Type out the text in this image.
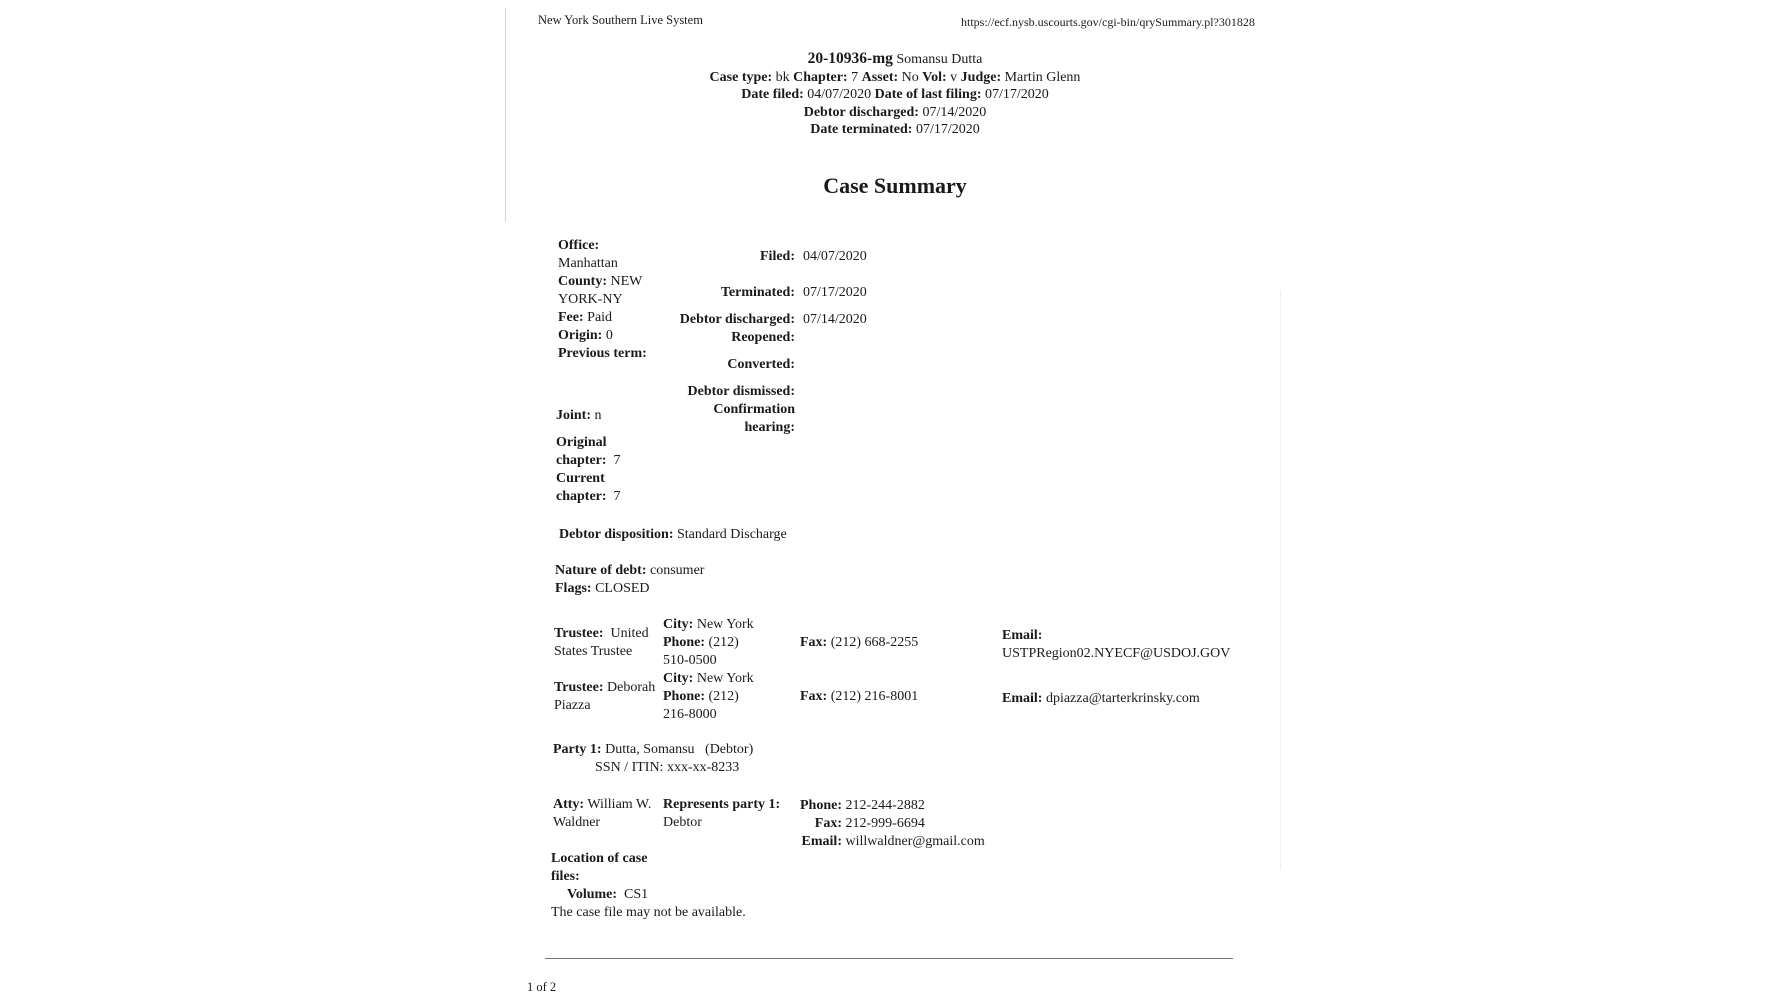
New York Southern Live System	https://ecf.nysb.uscourts.gov/cgi-bin/qrySummary.pl?301828
20-10936-mg Somansu Dutta
Case type: bk Chapter: 7 Asset: No Vol: v Judge: Martin Glenn
Date filed: 04/07/2020 Date of last filing: 07/17/2020
Debtor discharged: 07/14/2020
Date terminated: 07/17/2020
Case Summary
Office:
Manhattan
County: NEW
YORK-NY
Fee: Paid
Origin: 0
Previous term:
Joint: n
Original
chapter: 7
Current
chapter: 7
Filed: 04/07/2020
Terminated: 07/17/2020
Debtor discharged: 07/14/2020
Reopened:
Converted:
Debtor dismissed:
Confirmation
hearing:
Debtor disposition: Standard Discharge
Nature of debt: consumer
Flags: CLOSED
Trustee: United
States Trustee
City: New York
Phone: (212)
510-0500
Fax: (212) 668-2255	Email:
USTPRegion02.NYECF@USDOJ.GOV
Trustee: Deborah
Piazza
City: New York
Phone: (212)
216-8000
Fax: (212) 216-8001	Email: dpiazza@tarterkrinsky.com
Party 1: Dutta, Somansu   (Debtor)
SSN / ITIN: xxx-xx-8233
Atty: William W.
Waldner
Represents party 1:
Debtor
Phone: 212-244-2882
Fax: 212-999-6694
Email: willwaldner@gmail.com
Location of case
files:
Volume: CS1
The case file may not be available.
1 of 2
